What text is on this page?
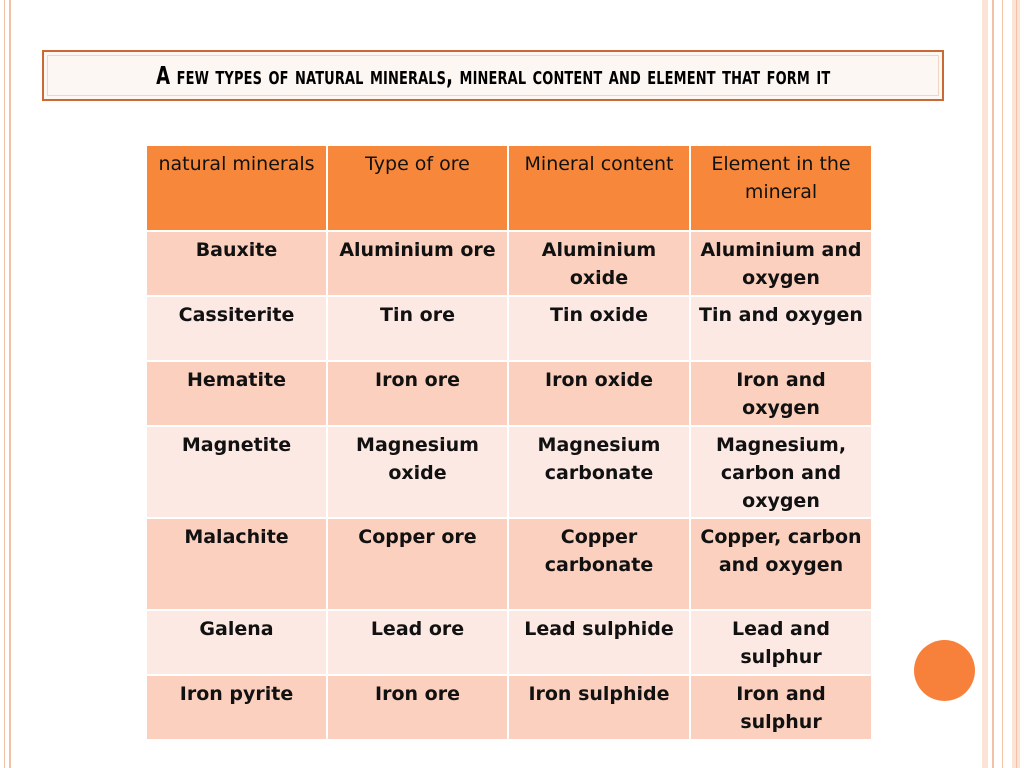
A few types of natural minerals, mineral content and element that form it
natural minerals	Type of ore	Mineral content	Element in the mineral
Bauxite	Aluminium ore	Aluminium oxide	Aluminium and oxygen
Cassiterite	Tin ore	Tin oxide	Tin and oxygen
Hematite	Iron ore	Iron oxide	Iron and oxygen
Magnetite	Magnesium oxide	Magnesium carbonate	Magnesium, carbon and oxygen
Malachite	Copper ore	Copper carbonate	Copper, carbon and oxygen
Galena	Lead ore	Lead sulphide	Lead and sulphur
Iron pyrite	Iron ore	Iron sulphide	Iron and sulphur
